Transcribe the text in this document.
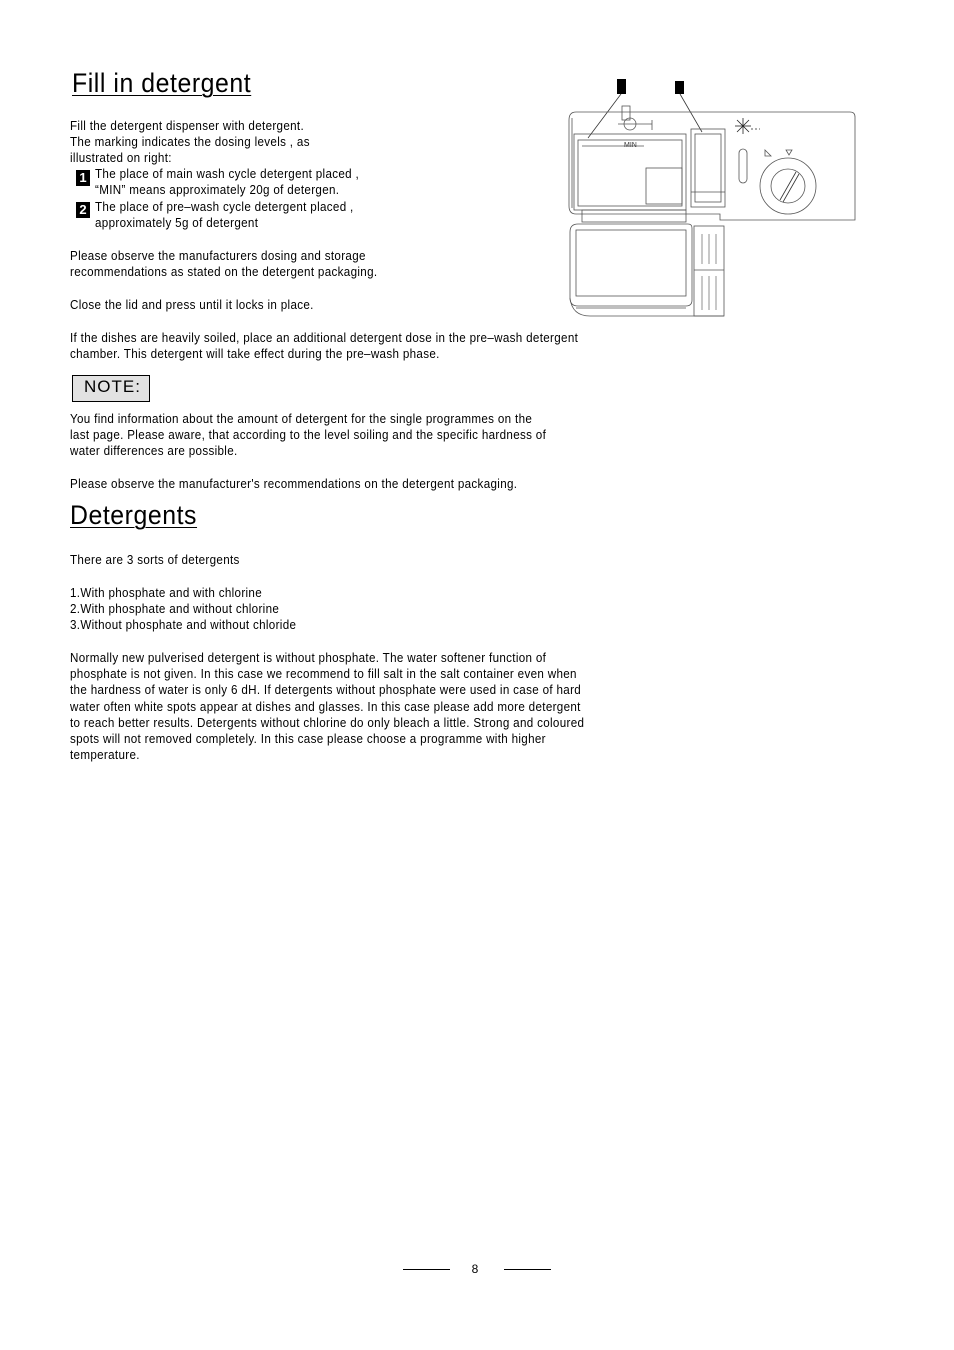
Fill in detergent
Fill the detergent dispenser with detergent.
The marking indicates the dosing levels , as
illustrated on right:
1 The place of main wash cycle detergent placed ,
“MIN” means approximately 20g of detergen.
2 The place of pre–wash cycle detergent placed ,
approximately 5g of detergent
Please observe the manufacturers dosing and storage
recommendations as stated on the detergent packaging.
Close the lid and press until it locks in place.
If the dishes are heavily soiled, place an additional detergent dose in the pre–wash detergent
chamber. This detergent will take effect during the pre–wash phase.
NOTE:
You find information about the amount of detergent for the single programmes on the
last page. Please aware, that according to the level soiling and the specific hardness of
water differences are possible.
Please observe the manufacturer's recommendations on the detergent packaging.
Detergents
There are 3 sorts of detergents
1.With phosphate and with chlorine
2.With phosphate and without chlorine
3.Without phosphate and without chloride
Normally new pulverised detergent is without phosphate. The water softener function of
phosphate is not given. In this case we recommend to fill salt in the salt container even when
the hardness of water is only 6 dH. If detergents without phosphate were used in case of hard
water often white spots appear at dishes and glasses. In this case please add more detergent
to reach better results. Detergents without chlorine do only bleach a little. Strong and coloured
spots will not removed completely. In this case please choose a programme with higher
temperature.
MIN
8
